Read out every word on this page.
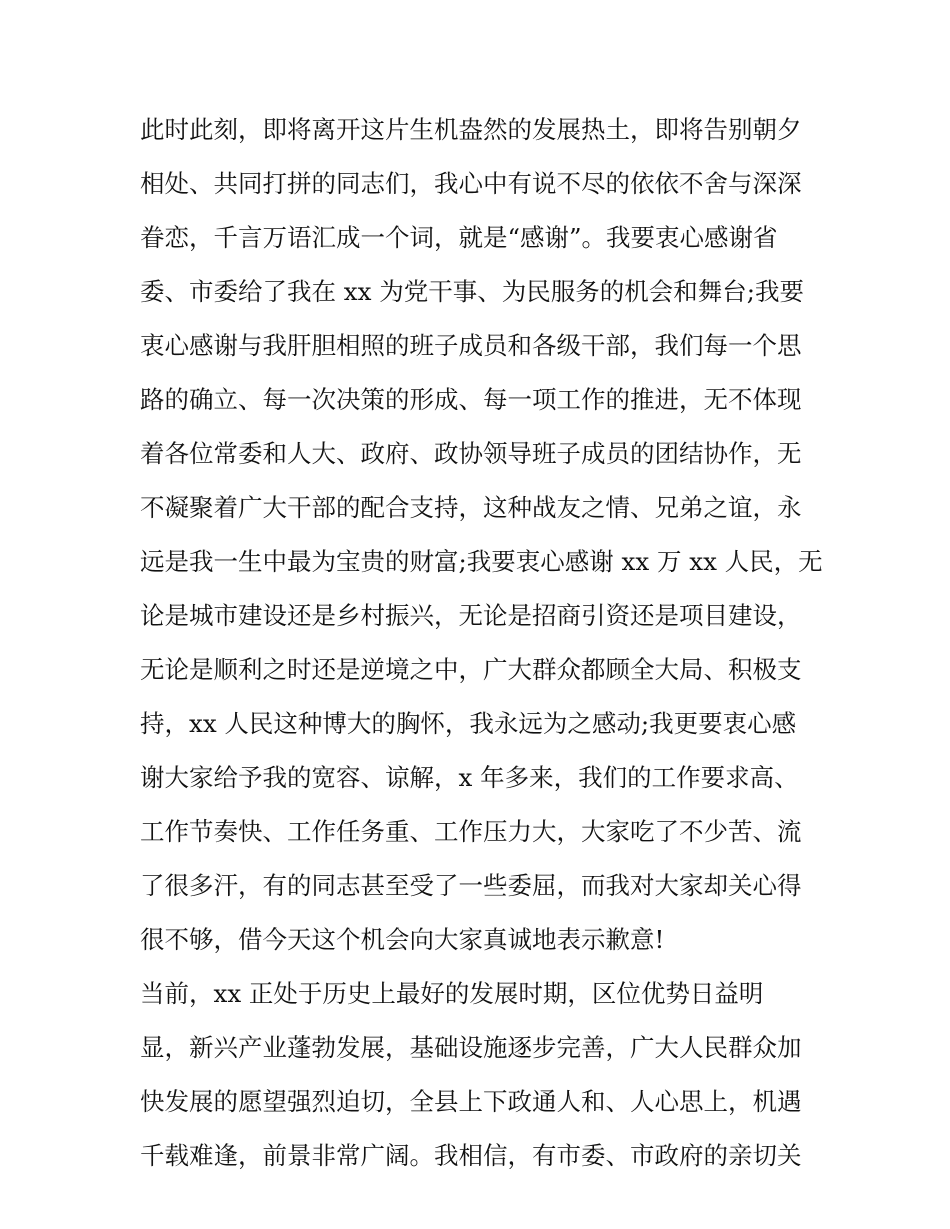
此时此刻，即将离开这片生机盎然的发展热土，即将告别朝夕
相处、共同打拼的同志们，我心中有说不尽的依依不舍与深深
眷恋，千言万语汇成一个词，就是“感谢”。我要衷心感谢省
委、市委给了我在 xx 为党干事、为民服务的机会和舞台;我要
衷心感谢与我肝胆相照的班子成员和各级干部，我们每一个思
路的确立、每一次决策的形成、每一项工作的推进，无不体现
着各位常委和人大、政府、政协领导班子成员的团结协作，无
不凝聚着广大干部的配合支持，这种战友之情、兄弟之谊，永
远是我一生中最为宝贵的财富;我要衷心感谢 xx 万 xx 人民，无
论是城市建设还是乡村振兴，无论是招商引资还是项目建设，
无论是顺利之时还是逆境之中，广大群众都顾全大局、积极支
持，xx 人民这种博大的胸怀，我永远为之感动;我更要衷心感
谢大家给予我的宽容、谅解，x 年多来，我们的工作要求高、
工作节奏快、工作任务重、工作压力大，大家吃了不少苦、流
了很多汗，有的同志甚至受了一些委屈，而我对大家却关心得
很不够，借今天这个机会向大家真诚地表示歉意!
当前，xx 正处于历史上最好的发展时期，区位优势日益明
显，新兴产业蓬勃发展，基础设施逐步完善，广大人民群众加
快发展的愿望强烈迫切，全县上下政通人和、人心思上，机遇
千载难逢，前景非常广阔。我相信，有市委、市政府的亲切关
